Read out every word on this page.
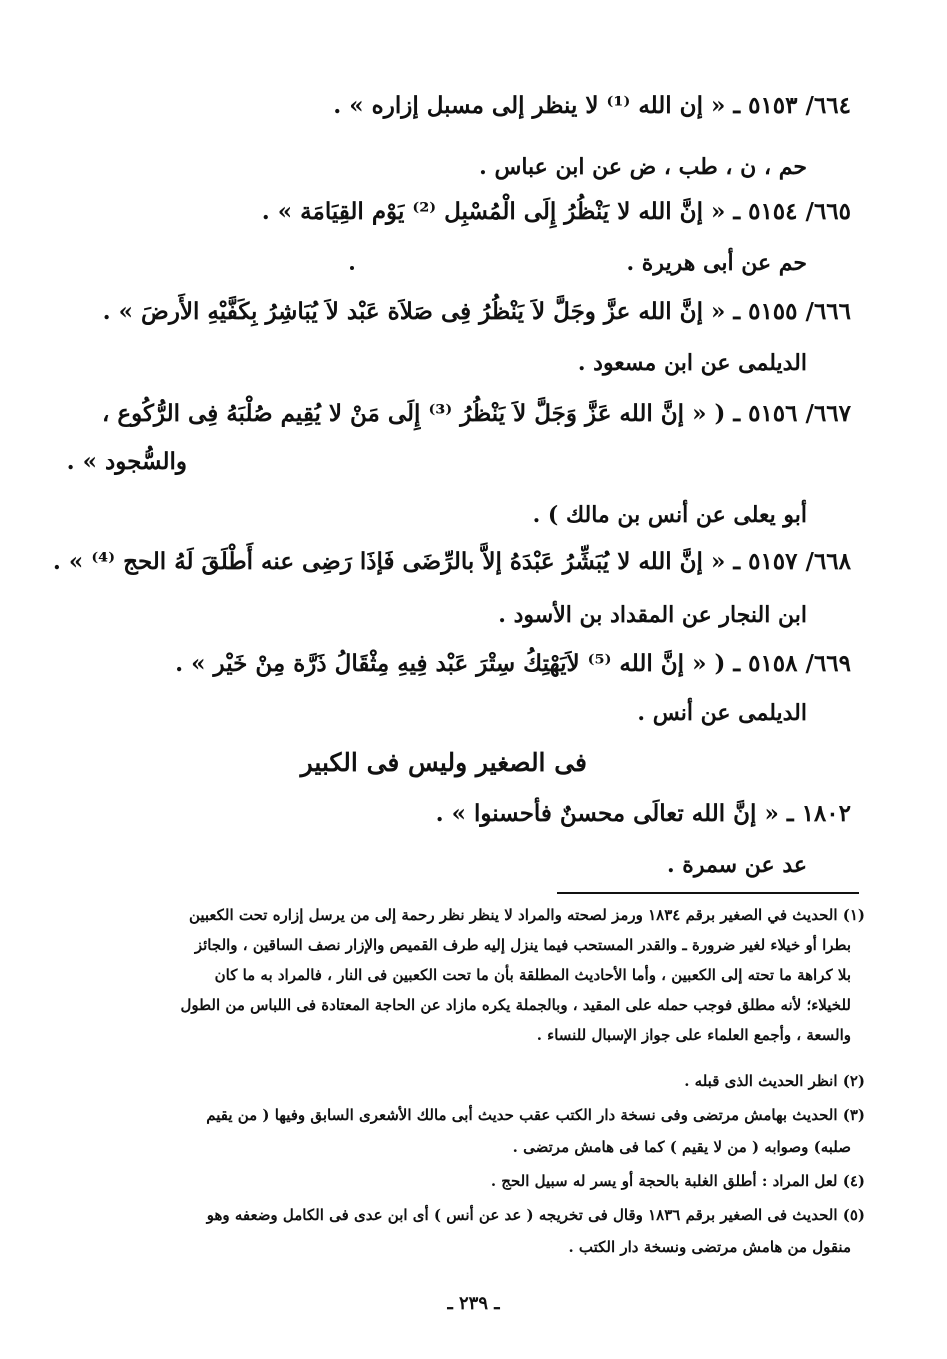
٦٦٤/ ٥١٥٣ ـ « إن الله ⁽¹⁾ لا ينظر إلى مسبل إزاره » .
حم ، ن ، طب ، ض عن ابن عباس .
٦٦٥/ ٥١٥٤ ـ « إنَّ الله لا يَنْظُرُ إِلَى الْمُسْبِل ⁽²⁾ يَوْم القِيَامَة » .
حم عن أبى هريرة .
٦٦٦/ ٥١٥٥ ـ « إنَّ الله عزَّ وجَلَّ لاَ يَنْظُرُ فِى صَلاَة عَبْد لاَ يُبَاشِرُ بِكَفَّيْهِ الأَرضَ » .
الديلمى عن ابن مسعود .
٦٦٧/ ٥١٥٦ ـ ( « إنَّ الله عَزَّ وَجَلَّ لاَ يَنْظُرُ ⁽³⁾ إِلَى مَنْ لا يُقِيم صُلْبَهُ فِى الرُّكُوع ،
والسُّجود » .
أبو يعلى عن أنس بن مالك ) .
٦٦٨/ ٥١٥٧ ـ « إنَّ الله لا يُبَشِّرُ عَبْدَهُ إلاَّ بالرِّضَى فَإذَا رَضِى عنه أَطْلَقَ لَهُ الحج ⁽⁴⁾ » .
ابن النجار عن المقداد بن الأسود .
٦٦٩/ ٥١٥٨ ـ ( « إنَّ الله ⁽⁵⁾ لاَيَهْتِكُ سِتْرَ عَبْد فِيهِ مِثْقَالُ ذَرَّة مِنْ خَيْر » .
الديلمى عن أنس .
فى الصغير وليس فى الكبير
١٨٠٢ ـ « إنَّ الله تعالَى محسنٌ فأحسنوا » .
عد عن سمرة .
(١) الحديث في الصغير برقم ١٨٣٤ ورمز لصحته والمراد لا ينظر نظر رحمة إلى من يرسل إزاره تحت الكعبين
بطرا أو خيلاء لغير ضرورة ـ والقدر المستحب فيما ينزل إليه طرف القميص والإزار نصف الساقين ، والجائز
بلا كراهة ما تحته إلى الكعبين ، وأما الأحاديث المطلقة بأن ما تحت الكعبين فى النار ، فالمراد به ما كان
للخيلاء؛ لأنه مطلق فوجب حمله على المقيد ، وبالجملة يكره مازاد عن الحاجة المعتادة فى اللباس من الطول
والسعة ، وأجمع العلماء على جواز الإسبال للنساء .
(٢) انظر الحديث الذى قبله .
(٣) الحديث بهامش مرتضى وفى نسخة دار الكتب عقب حديث أبى مالك الأشعرى السابق وفيها ( من يقيم
صلبه) وصوابه ( من لا يقيم ) كما فى هامش مرتضى .
(٤) لعل المراد : أطلق الغلبة بالحجة أو يسر له سبيل الحج .
(٥) الحديث فى الصغير برقم ١٨٣٦ وقال فى تخريجه ( عد عن أنس ) أى ابن عدى فى الكامل وضعفه وهو
منقول من هامش مرتضى ونسخة دار الكتب .
ـ ٢٣٩ ـ
